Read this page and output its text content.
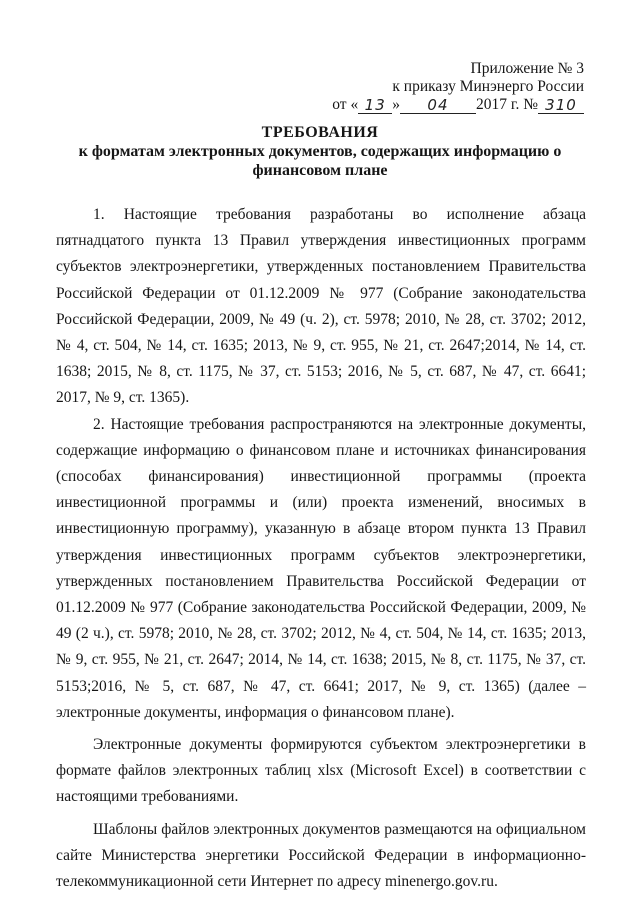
Приложение № 3
к приказу Минэнерго России
от « 13 »	04	2017 г. № 310
ТРЕБОВАНИЯ
к форматам электронных документов, содержащих информацию о финансовом плане

1. Настоящие требования разработаны во исполнение абзаца пятнадцатого пункта 13 Правил утверждения инвестиционных программ субъектов электроэнергетики, утвержденных постановлением Правительства Российской Федерации от 01.12.2009 № 977 (Собрание законодательства Российской Федерации, 2009, № 49 (ч. 2), ст. 5978; 2010, № 28, ст. 3702; 2012, № 4, ст. 504, № 14, ст. 1635; 2013, № 9, ст. 955, № 21, ст. 2647;2014, № 14, ст. 1638; 2015, № 8, ст. 1175, № 37, ст. 5153; 2016, № 5, ст. 687, № 47, ст. 6641; 2017, № 9, ст. 1365).

2. Настоящие требования распространяются на электронные документы, содержащие информацию о финансовом плане и источниках финансирования (способах финансирования) инвестиционной программы (проекта инвестиционной программы и (или) проекта изменений, вносимых в инвестиционную программу), указанную в абзаце втором пункта 13 Правил утверждения инвестиционных программ субъектов электроэнергетики, утвержденных постановлением Правительства Российской Федерации от 01.12.2009 № 977 (Собрание законодательства Российской Федерации, 2009, № 49 (2 ч.), ст. 5978; 2010, № 28, ст. 3702; 2012, № 4, ст. 504, № 14, ст. 1635; 2013, № 9, ст. 955, № 21, ст. 2647; 2014, № 14, ст. 1638; 2015, № 8, ст. 1175, № 37, ст. 5153;2016, № 5, ст. 687, № 47, ст. 6641; 2017, № 9, ст. 1365) (далее – электронные документы, информация о финансовом плане).

Электронные документы формируются субъектом электроэнергетики в формате файлов электронных таблиц xlsx (Microsoft Excel) в соответствии с настоящими требованиями.

Шаблоны файлов электронных документов размещаются на официальном сайте Министерства энергетики Российской Федерации в информационно-телекоммуникационной сети Интернет по адресу minenergo.gov.ru.
